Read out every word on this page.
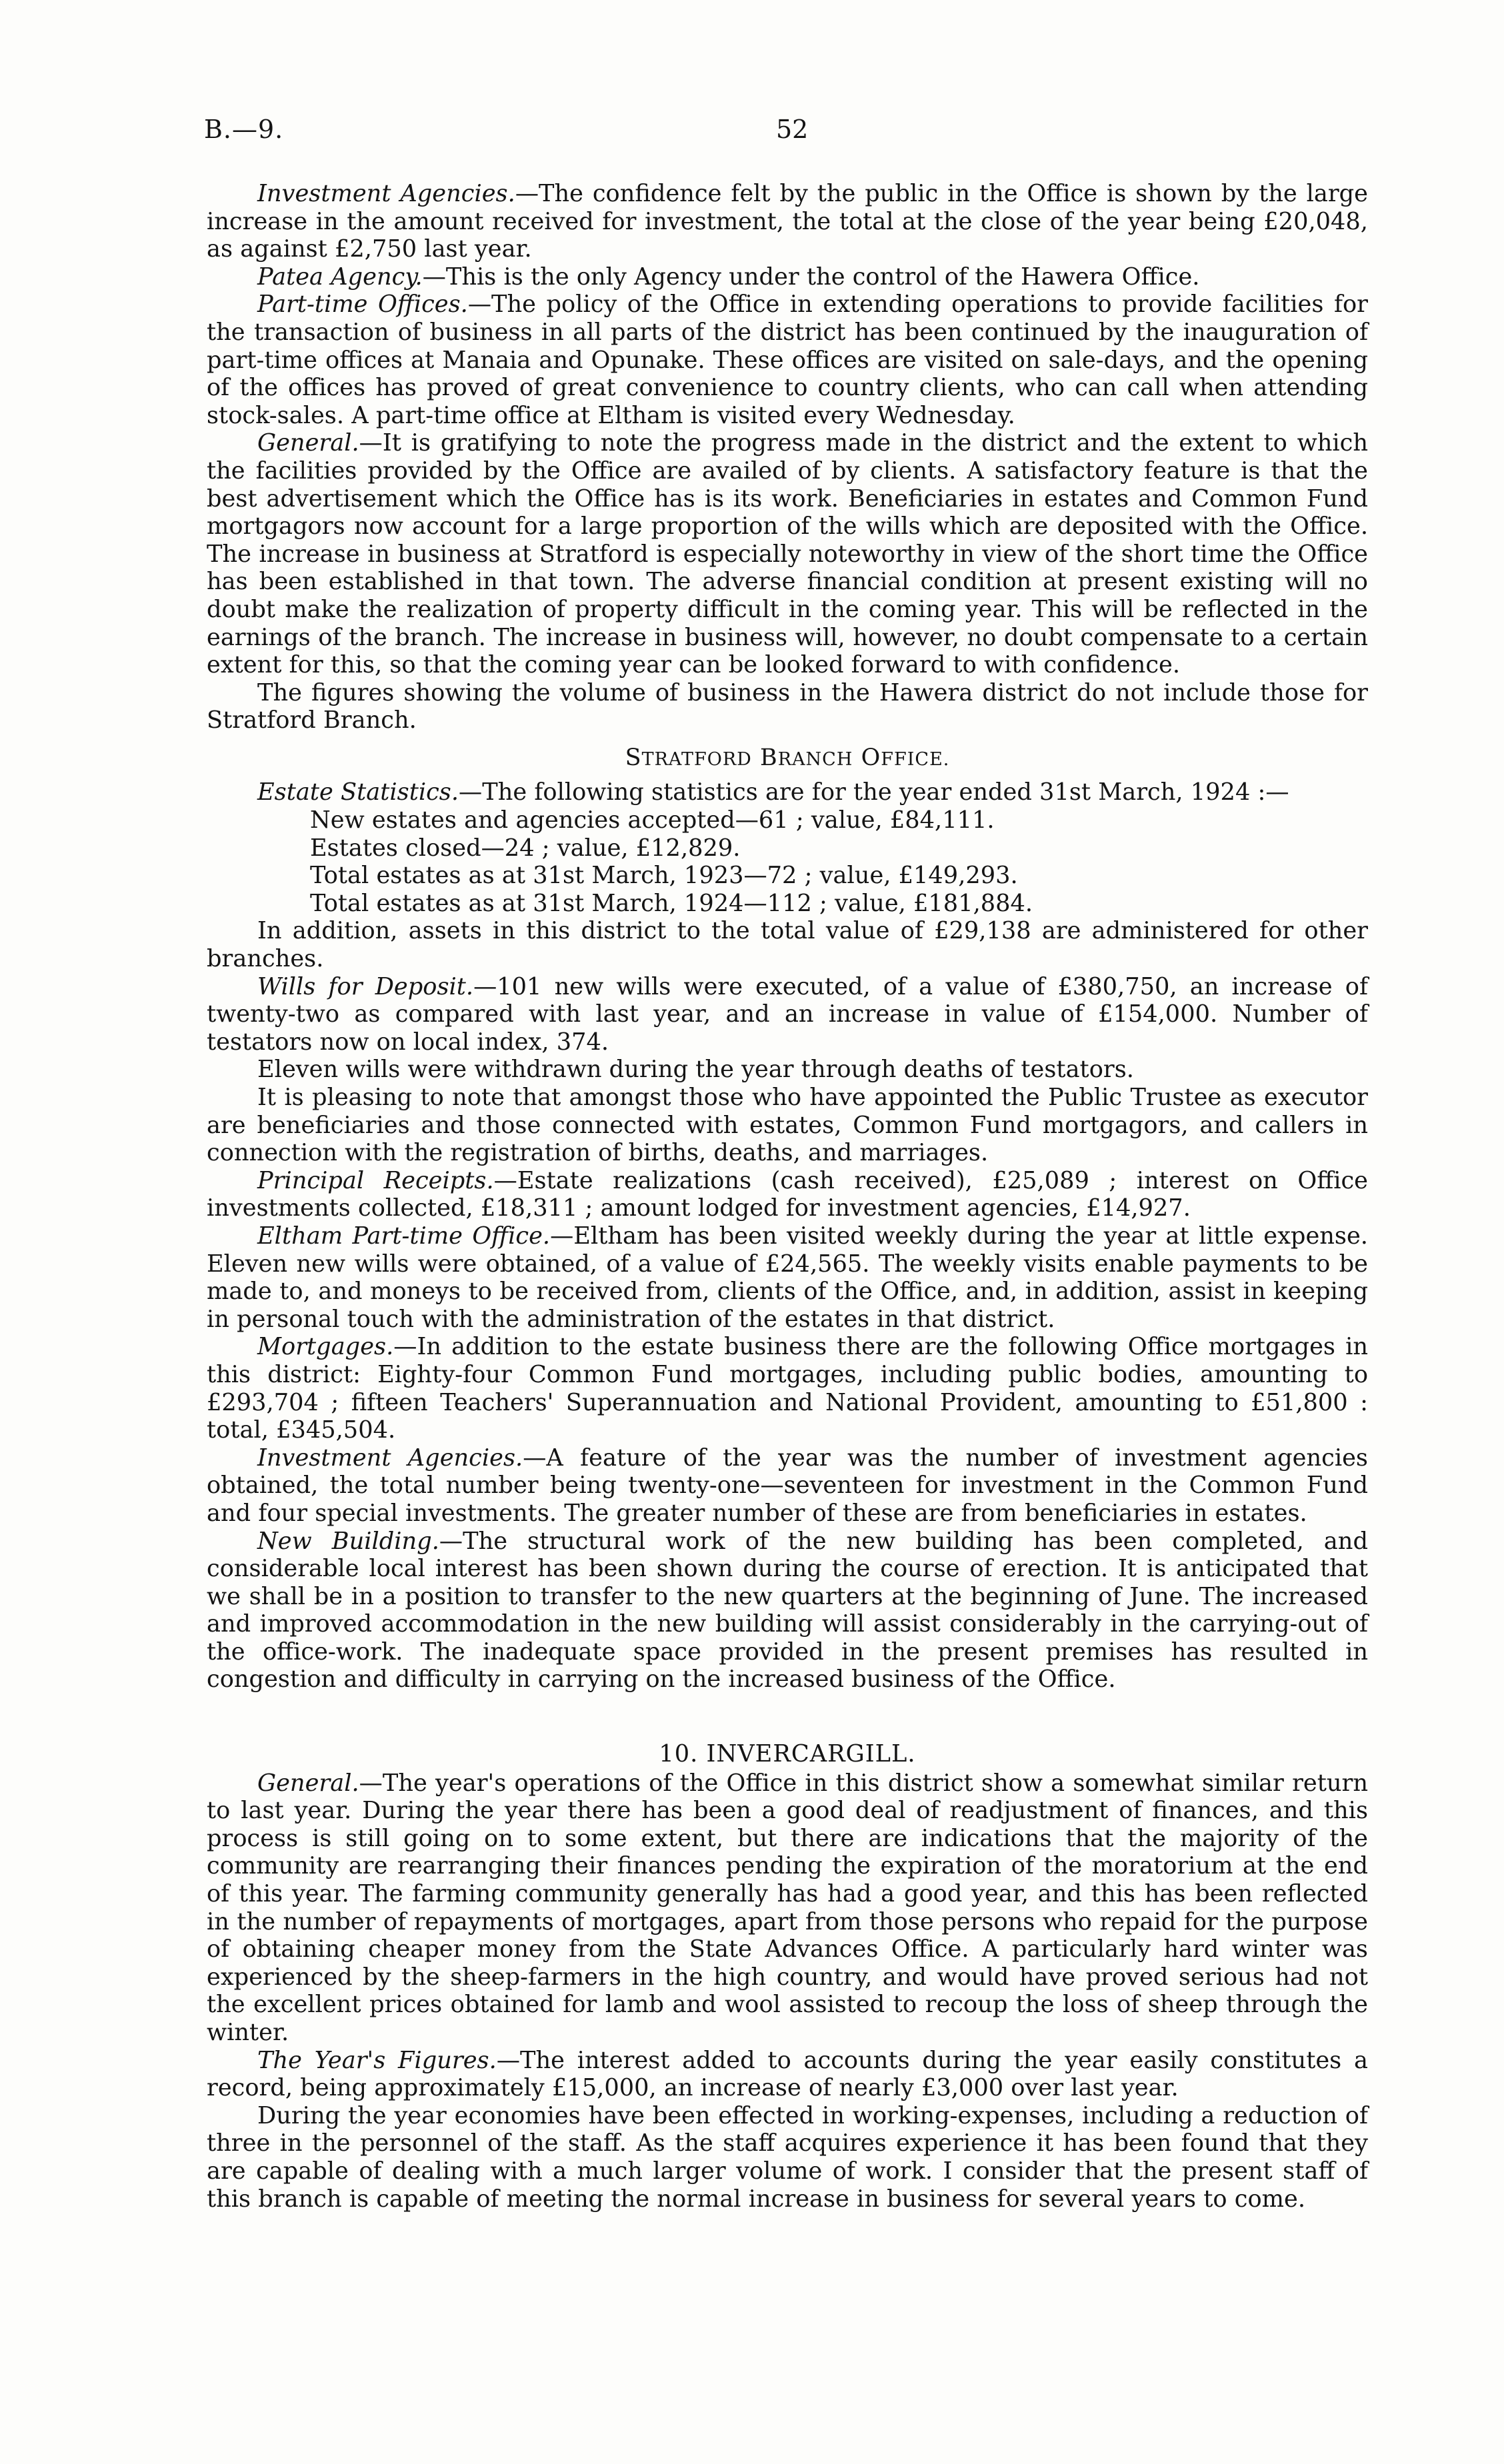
B.—9.	52

Investment Agencies.—The confidence felt by the public in the Office is shown by the large increase in the amount received for investment, the total at the close of the year being £20,048, as against £2,750 last year.

Patea Agency.—This is the only Agency under the control of the Hawera Office.

Part-time Offices.—The policy of the Office in extending operations to provide facilities for the transaction of business in all parts of the district has been continued by the inauguration of part-time offices at Manaia and Opunake. These offices are visited on sale-days, and the opening of the offices has proved of great convenience to country clients, who can call when attending stock-sales. A part-time office at Eltham is visited every Wednesday.

General.—It is gratifying to note the progress made in the district and the extent to which the facilities provided by the Office are availed of by clients. A satisfactory feature is that the best advertisement which the Office has is its work. Beneficiaries in estates and Common Fund mortgagors now account for a large proportion of the wills which are deposited with the Office. The increase in business at Stratford is especially noteworthy in view of the short time the Office has been established in that town. The adverse financial condition at present existing will no doubt make the realization of property difficult in the coming year. This will be reflected in the earnings of the branch. The increase in business will, however, no doubt compensate to a certain extent for this, so that the coming year can be looked forward to with confidence.

The figures showing the volume of business in the Hawera district do not include those for Stratford Branch.

STRATFORD BRANCH OFFICE.

Estate Statistics.—The following statistics are for the year ended 31st March, 1924 :—

New estates and agencies accepted—61 ; value, £84,111.

Estates closed—24 ; value, £12,829.

Total estates as at 31st March, 1923—72 ; value, £149,293.

Total estates as at 31st March, 1924—112 ; value, £181,884.

In addition, assets in this district to the total value of £29,138 are administered for other branches.

Wills for Deposit.—101 new wills were executed, of a value of £380,750, an increase of twenty-two as compared with last year, and an increase in value of £154,000. Number of testators now on local index, 374.

Eleven wills were withdrawn during the year through deaths of testators.

It is pleasing to note that amongst those who have appointed the Public Trustee as executor are beneficiaries and those connected with estates, Common Fund mortgagors, and callers in connection with the registration of births, deaths, and marriages.

Principal Receipts.—Estate realizations (cash received), £25,089 ; interest on Office investments collected, £18,311 ; amount lodged for investment agencies, £14,927.

Eltham Part-time Office.—Eltham has been visited weekly during the year at little expense. Eleven new wills were obtained, of a value of £24,565. The weekly visits enable payments to be made to, and moneys to be received from, clients of the Office, and, in addition, assist in keeping in personal touch with the administration of the estates in that district.

Mortgages.—In addition to the estate business there are the following Office mortgages in this district: Eighty-four Common Fund mortgages, including public bodies, amounting to £293,704 ; fifteen Teachers' Superannuation and National Provident, amounting to £51,800 : total, £345,504.

Investment Agencies.—A feature of the year was the number of investment agencies obtained, the total number being twenty-one—seventeen for investment in the Common Fund and four special investments. The greater number of these are from beneficiaries in estates.

New Building.—The structural work of the new building has been completed, and considerable local interest has been shown during the course of erection. It is anticipated that we shall be in a position to transfer to the new quarters at the beginning of June. The increased and improved accommodation in the new building will assist considerably in the carrying-out of the office-work. The inadequate space provided in the present premises has resulted in congestion and difficulty in carrying on the increased business of the Office.

10. INVERCARGILL.

General.—The year's operations of the Office in this district show a somewhat similar return to last year. During the year there has been a good deal of readjustment of finances, and this process is still going on to some extent, but there are indications that the majority of the community are rearranging their finances pending the expiration of the moratorium at the end of this year. The farming community generally has had a good year, and this has been reflected in the number of repayments of mortgages, apart from those persons who repaid for the purpose of obtaining cheaper money from the State Advances Office. A particularly hard winter was experienced by the sheep-farmers in the high country, and would have proved serious had not the excellent prices obtained for lamb and wool assisted to recoup the loss of sheep through the winter.

The Year's Figures.—The interest added to accounts during the year easily constitutes a record, being approximately £15,000, an increase of nearly £3,000 over last year.

During the year economies have been effected in working-expenses, including a reduction of three in the personnel of the staff. As the staff acquires experience it has been found that they are capable of dealing with a much larger volume of work. I consider that the present staff of this branch is capable of meeting the normal increase in business for several years to come.
